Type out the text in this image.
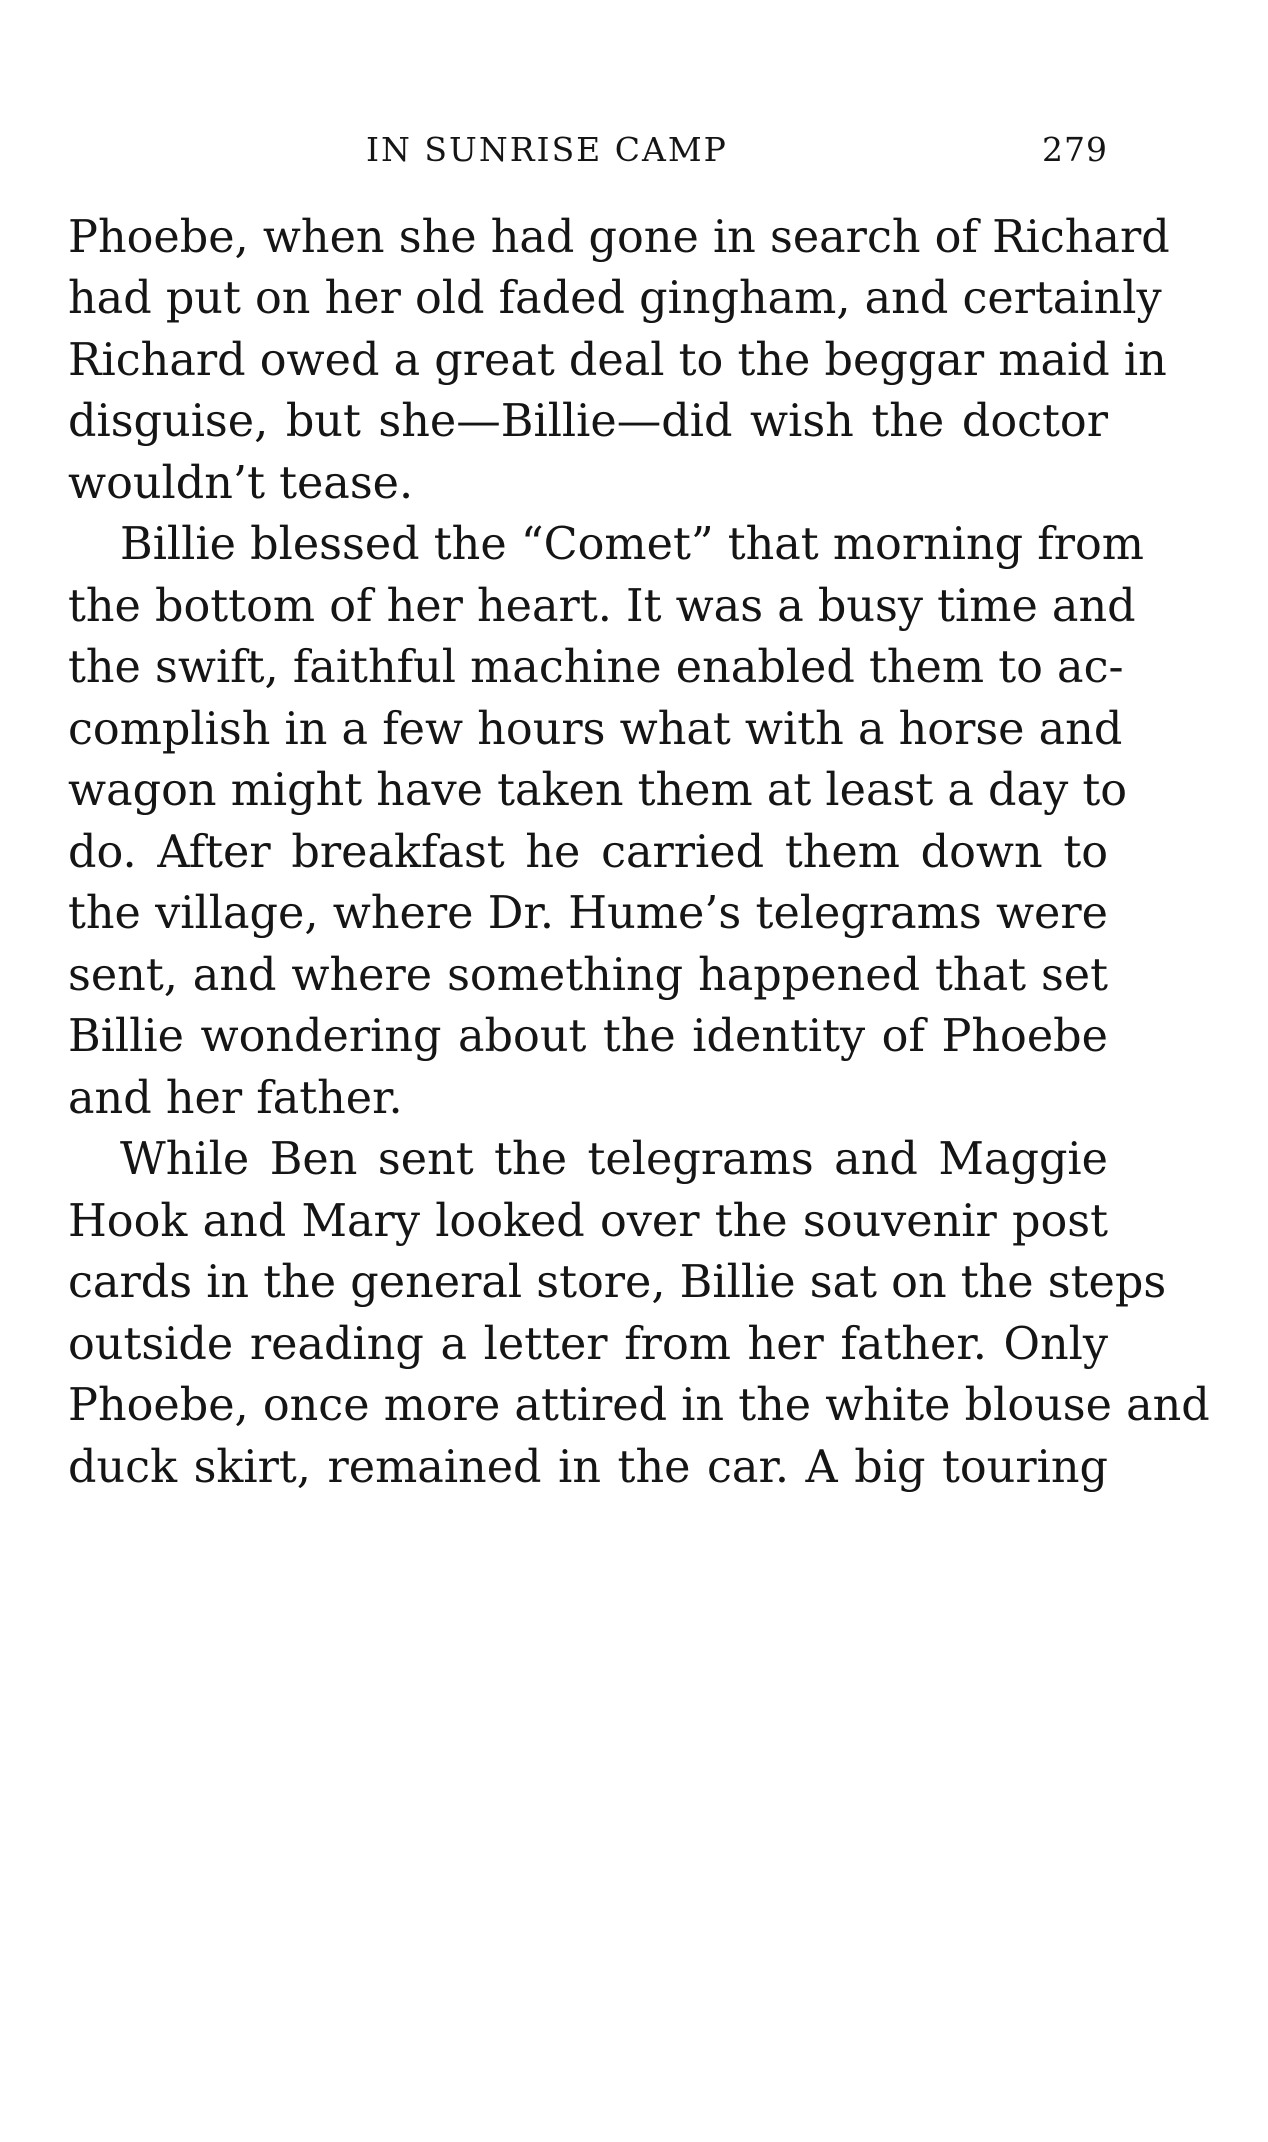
IN SUNRISE CAMP	279
Phoebe, when she had gone in search of Richard
had put on her old faded gingham, and certainly
Richard owed a great deal to the beggar maid in
disguise, but she—Billie—did wish the doctor
wouldn’t tease.
Billie blessed the “Comet” that morning from
the bottom of her heart. It was a busy time and
the swift, faithful machine enabled them to ac-
complish in a few hours what with a horse and
wagon might have taken them at least a day to
do. After breakfast he carried them down to
the village, where Dr. Hume’s telegrams were
sent, and where something happened that set
Billie wondering about the identity of Phoebe
and her father.
While Ben sent the telegrams and Maggie
Hook and Mary looked over the souvenir post
cards in the general store, Billie sat on the steps
outside reading a letter from her father. Only
Phoebe, once more attired in the white blouse and
duck skirt, remained in the car. A big touring
